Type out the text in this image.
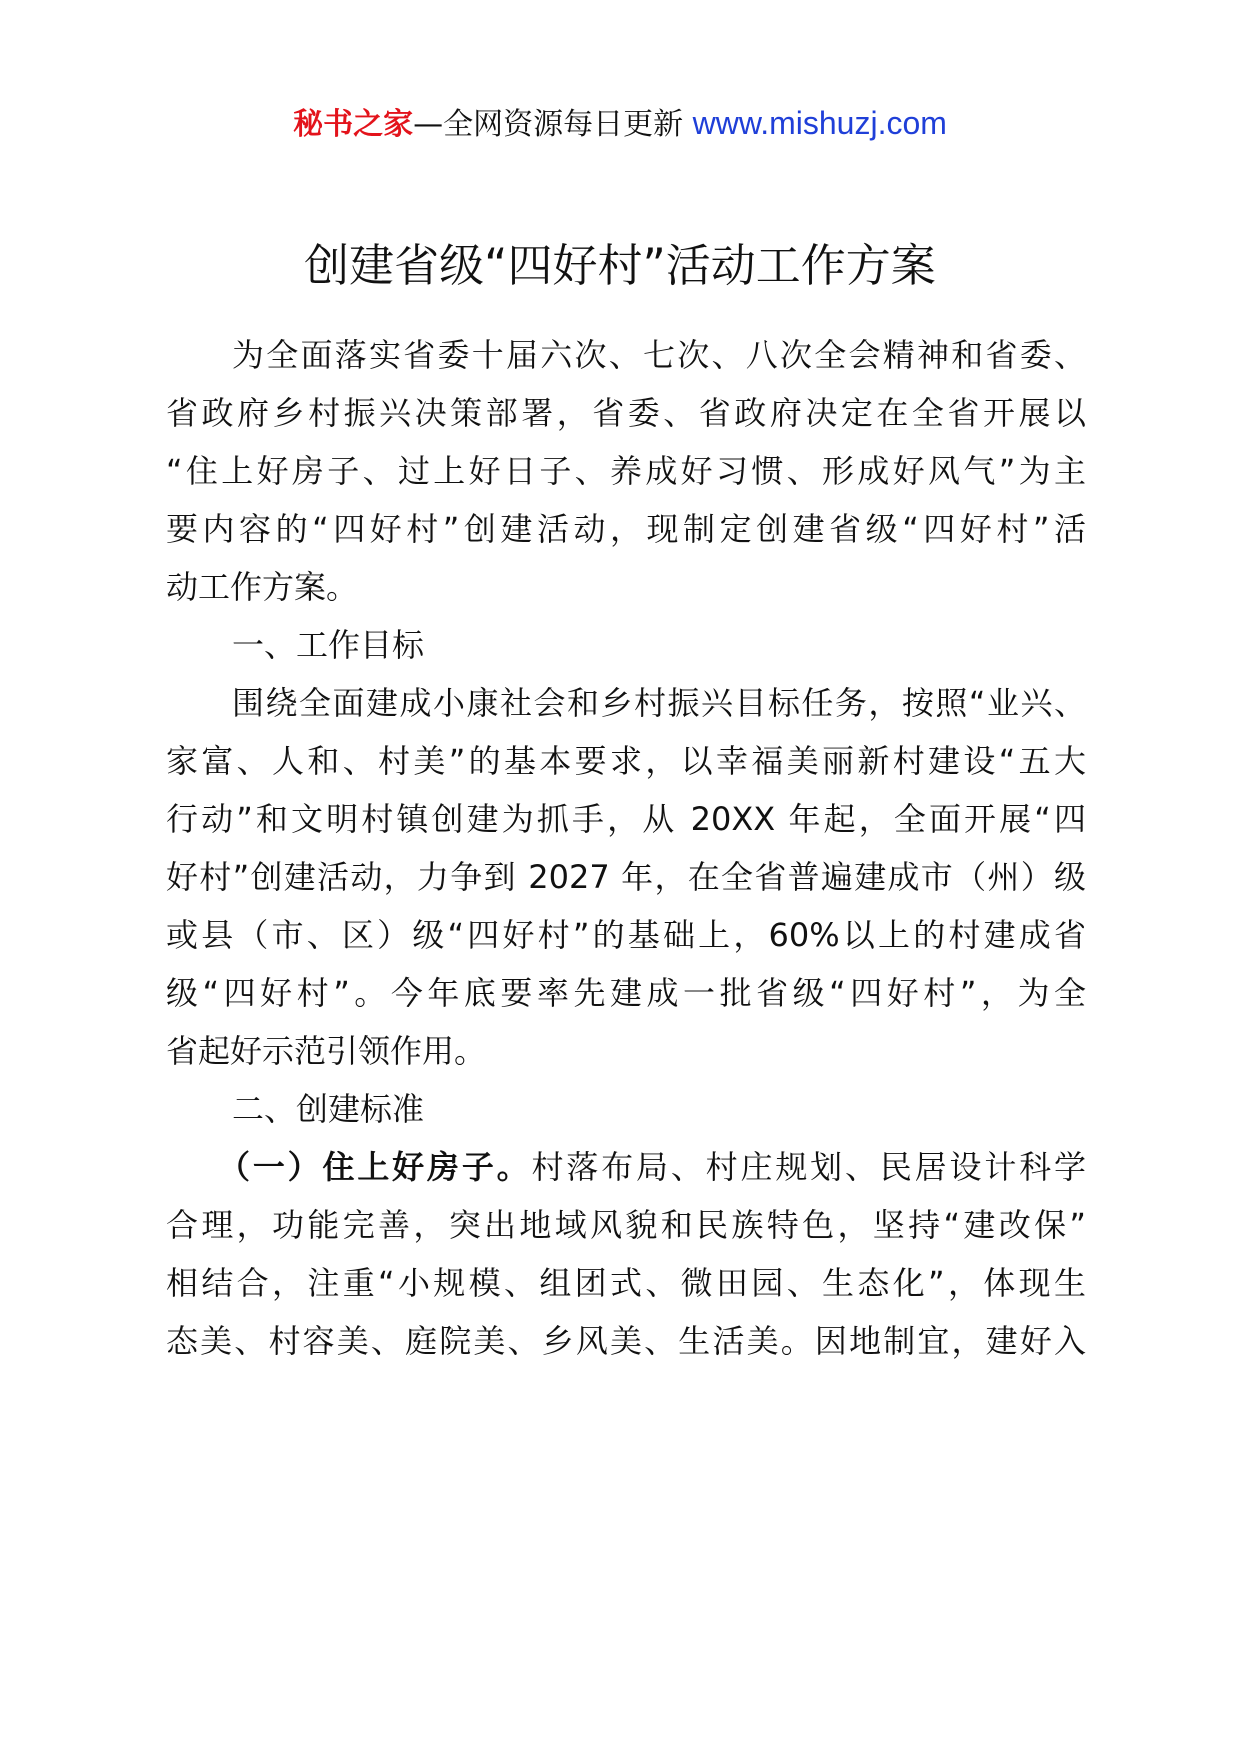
秘书之家—全网资源每日更新 www.mishuzj.com
创建省级“四好村”活动工作方案
为全面落实省委十届六次、七次、八次全会精神和省委、
省政府乡村振兴决策部署，省委、省政府决定在全省开展以
“住上好房子、过上好日子、养成好习惯、形成好风气”为主
要内容的“四好村”创建活动，现制定创建省级“四好村”活
动工作方案。
一、工作目标
围绕全面建成小康社会和乡村振兴目标任务，按照“业兴、
家富、人和、村美”的基本要求，以幸福美丽新村建设“五大
行动”和文明村镇创建为抓手，从 20XX 年起，全面开展“四
好村”创建活动，力争到 2027 年，在全省普遍建成市（州）级
或县（市、区）级“四好村”的基础上，60%以上的村建成省
级“四好村”。今年底要率先建成一批省级“四好村”，为全
省起好示范引领作用。
二、创建标准
（一）住上好房子。村落布局、村庄规划、民居设计科学
合理，功能完善，突出地域风貌和民族特色，坚持“建改保”
相结合，注重“小规模、组团式、微田园、生态化”，体现生
态美、村容美、庭院美、乡风美、生活美。因地制宜，建好入
